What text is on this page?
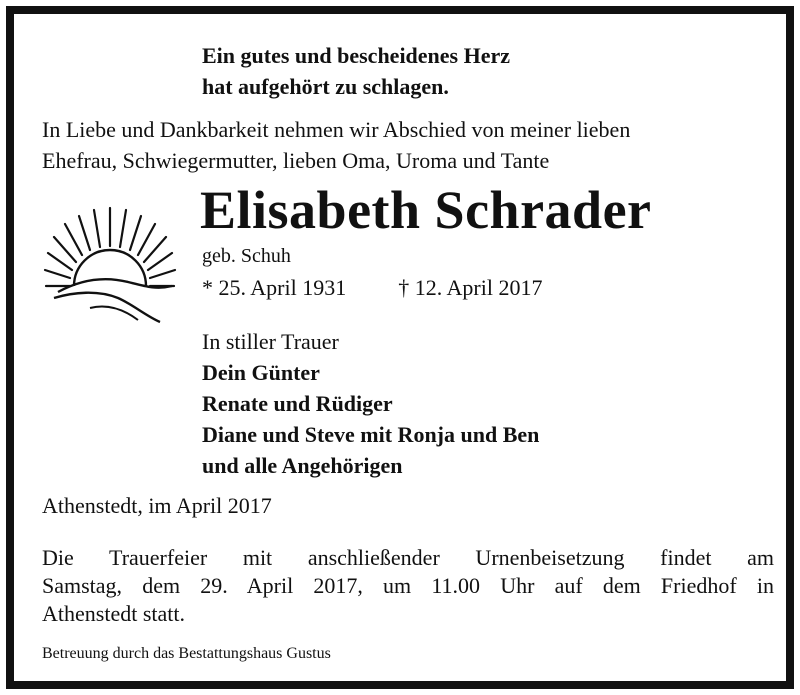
Ein gutes und bescheidenes Herz
hat aufgehört zu schlagen.
In Liebe und Dankbarkeit nehmen wir Abschied von meiner lieben
Ehefrau, Schwiegermutter, lieben Oma, Uroma und Tante
Elisabeth Schrader
geb. Schuh
* 25. April 1931 † 12. April 2017
In stiller Trauer
Dein Günter
Renate und Rüdiger
Diane und Steve mit Ronja und Ben
und alle Angehörigen
Athenstedt, im April 2017
Die Trauerfeier mit anschließender Urnenbeisetzung findet am
Samstag, dem 29. April 2017, um 11.00 Uhr auf dem Friedhof in
Athenstedt statt.
Betreuung durch das Bestattungshaus Gustus
